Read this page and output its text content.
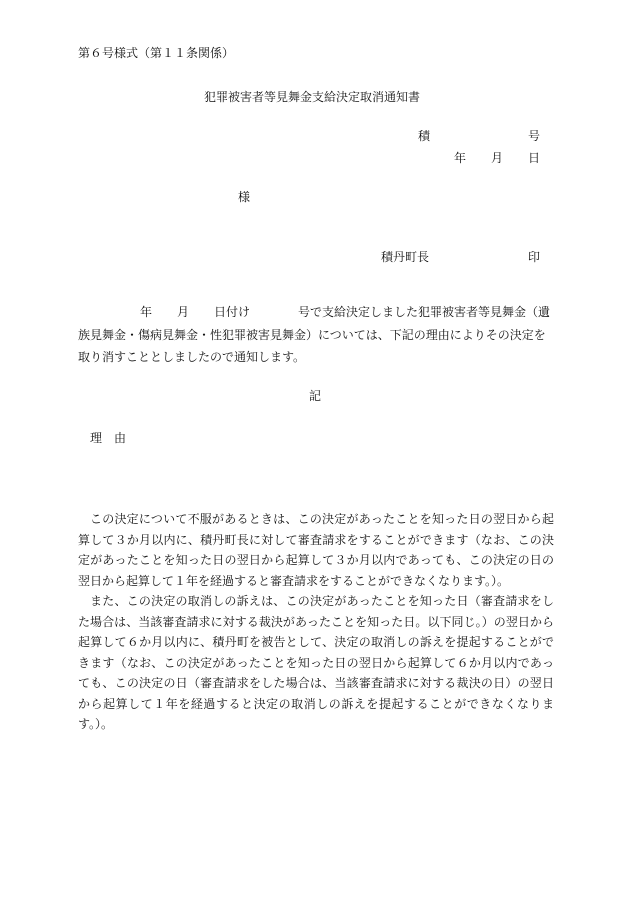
第６号様式（第１１条関係）
犯罪被害者等見舞金支給決定取消通知書
積	号
年 月 日
様
積丹町長	印
年 月 日付け	号で支給決定しました犯罪被害者等見舞金（遺
族見舞金・傷病見舞金・性犯罪被害見舞金）については、下記の理由によりその決定を
取り消すこととしましたので通知します。
記
理　由

この決定について不服があるときは、この決定があったことを知った日の翌日から起算して３か月以内に、積丹町長に対して審査請求をすることができます（なお、この決定があったことを知った日の翌日から起算して３か月以内であっても、この決定の日の翌日から起算して１年を経過すると審査請求をすることができなくなります。）。

また、この決定の取消しの訴えは、この決定があったことを知った日（審査請求をした場合は、当該審査請求に対する裁決があったことを知った日。以下同じ。）の翌日から起算して６か月以内に、積丹町を被告として、決定の取消しの訴えを提起することができます（なお、この決定があったことを知った日の翌日から起算して６か月以内であっても、この決定の日（審査請求をした場合は、当該審査請求に対する裁決の日）の翌日から起算して１年を経過すると決定の取消しの訴えを提起することができなくなります。）。
